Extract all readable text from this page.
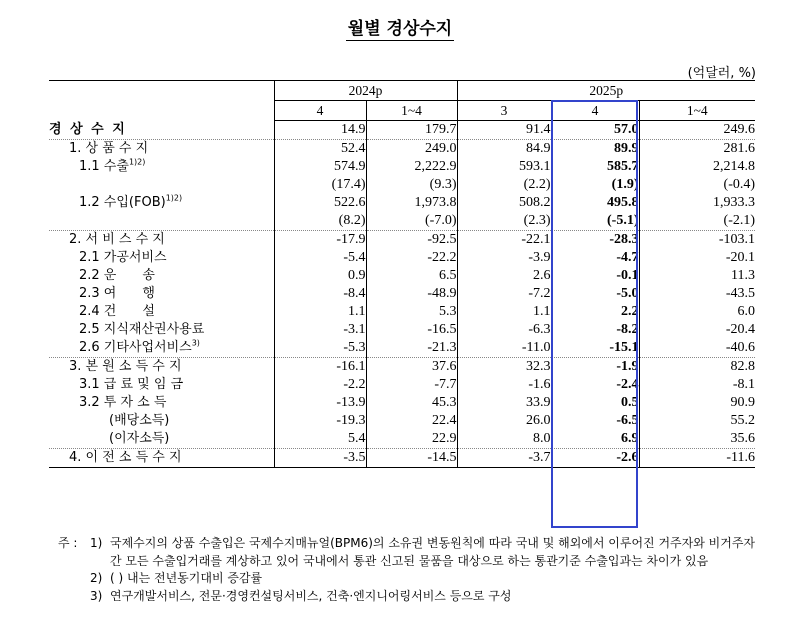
월별 경상수지
(억달러, %)
	2024p		2025p		
	4	1~4	3	4	1~4
경 상 수 지	14.9	179.7	91.4	57.0	249.6
1. 상 품 수 지	52.4	249.0	84.9	89.9	281.6
1.1 수출$^{1)2)}$	574.9	2,222.9	593.1	585.7	2,214.8
	(17.4)	(9.3)	(2.2)	(1.9)	(-0.4)
1.2 수입(FOB)$^{1)2)}$	522.6	1,973.8	508.2	495.8	1,933.3
	(8.2)	(-7.0)	(2.3)	(-5.1)	(-2.1)
2. 서 비 스 수 지	-17.9	-92.5	-22.1	-28.3	-103.1
2.1 가공서비스	-5.4	-22.2	-3.9	-4.7	-20.1
2.2 운　　송	0.9	6.5	2.6	-0.1	11.3
2.3 여　　행	-8.4	-48.9	-7.2	-5.0	-43.5
2.4 건　　설	1.1	5.3	1.1	2.2	6.0
2.5 지식재산권사용료	-3.1	-16.5	-6.3	-8.2	-20.4
2.6 기타사업서비스$^{3)}$	-5.3	-21.3	-11.0	-15.1	-40.6
3. 본 원 소 득 수 지	-16.1	37.6	32.3	-1.9	82.8
3.1 급 료 및 임 금	-2.2	-7.7	-1.6	-2.4	-8.1
3.2 투 자 소 득	-13.9	45.3	33.9	0.5	90.9
(배당소득)	-19.3	22.4	26.0	-6.5	55.2
(이자소득)	5.4	22.9	8.0	6.9	35.6
4. 이 전 소 득 수 지	-3.5	-14.5	-3.7	-2.6	-11.6
주 :	1) 국제수지의 상품 수출입은 국제수지매뉴얼(BPM6)의 소유권 변동원칙에 따라 국내 및 해외에서 이루어진 거주자와 비거주자 간 모든 수출입거래를 계상하고 있어 국내에서 통관 신고된 물품을 대상으로 하는 통관기준 수출입과는 차이가 있음
2) ( ) 내는 전년동기대비 증감률
3) 연구개발서비스, 전문·경영컨설팅서비스, 건축·엔지니어링서비스 등으로 구성
